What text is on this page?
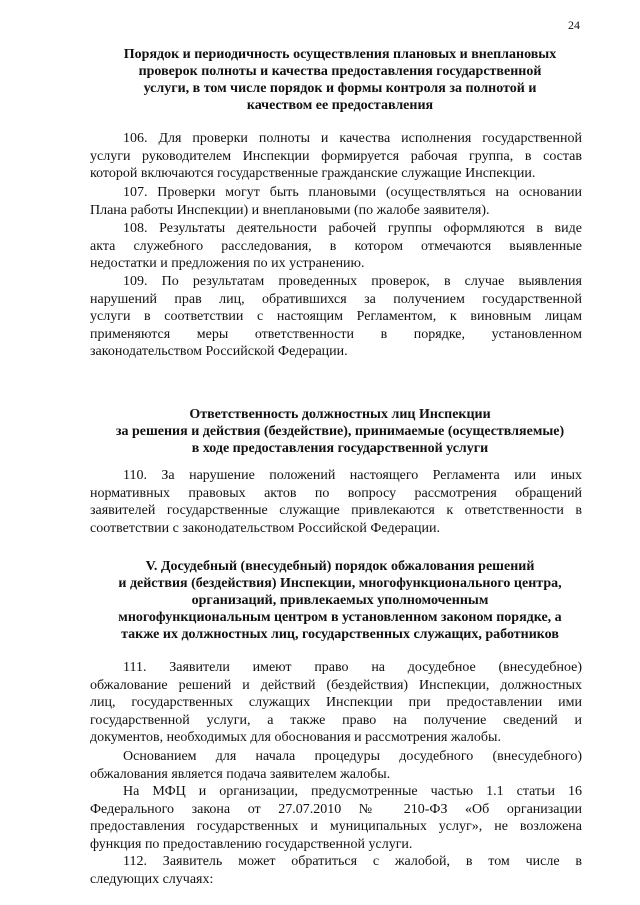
24
Порядок и периодичность осуществления плановых и внеплановых
проверок полноты и качества предоставления государственной
услуги, в том числе порядок и формы контроля за полнотой и
качеством ее предоставления
106. Для проверки полноты и качества исполнения государственной
услуги руководителем Инспекции формируется рабочая группа, в состав
которой включаются государственные гражданские служащие Инспекции.
107. Проверки могут быть плановыми (осуществляться на основании
Плана работы Инспекции) и внеплановыми (по жалобе заявителя).
108. Результаты деятельности рабочей группы оформляются в виде
акта служебного расследования, в котором отмечаются выявленные
недостатки и предложения по их устранению.
109. По результатам проведенных проверок, в случае выявления
нарушений прав лиц, обратившихся за получением государственной
услуги в соответствии с настоящим Регламентом, к виновным лицам
применяются меры ответственности в порядке, установленном
законодательством Российской Федерации.
Ответственность должностных лиц Инспекции
за решения и действия (бездействие), принимаемые (осуществляемые)
в ходе предоставления государственной услуги
110. За нарушение положений настоящего Регламента или иных
нормативных правовых актов по вопросу рассмотрения обращений
заявителей государственные служащие привлекаются к ответственности в
соответствии с законодательством Российской Федерации.
V. Досудебный (внесудебный) порядок обжалования решений
и действия (бездействия) Инспекции, многофункционального центра,
организаций, привлекаемых уполномоченным
многофункциональным центром в установленном законом порядке, а
также их должностных лиц, государственных служащих, работников
111. Заявители имеют право на досудебное (внесудебное)
обжалование решений и действий (бездействия) Инспекции, должностных
лиц, государственных служащих Инспекции при предоставлении ими
государственной услуги, а также право на получение сведений и
документов, необходимых для обоснования и рассмотрения жалобы.
Основанием для начала процедуры досудебного (внесудебного)
обжалования является подача заявителем жалобы.
На МФЦ и организации, предусмотренные частью 1.1 статьи 16
Федерального закона от 27.07.2010 № 210-ФЗ «Об организации
предоставления государственных и муниципальных услуг», не возложена
функция по предоставлению государственной услуги.
112. Заявитель может обратиться с жалобой, в том числе в
следующих случаях:
